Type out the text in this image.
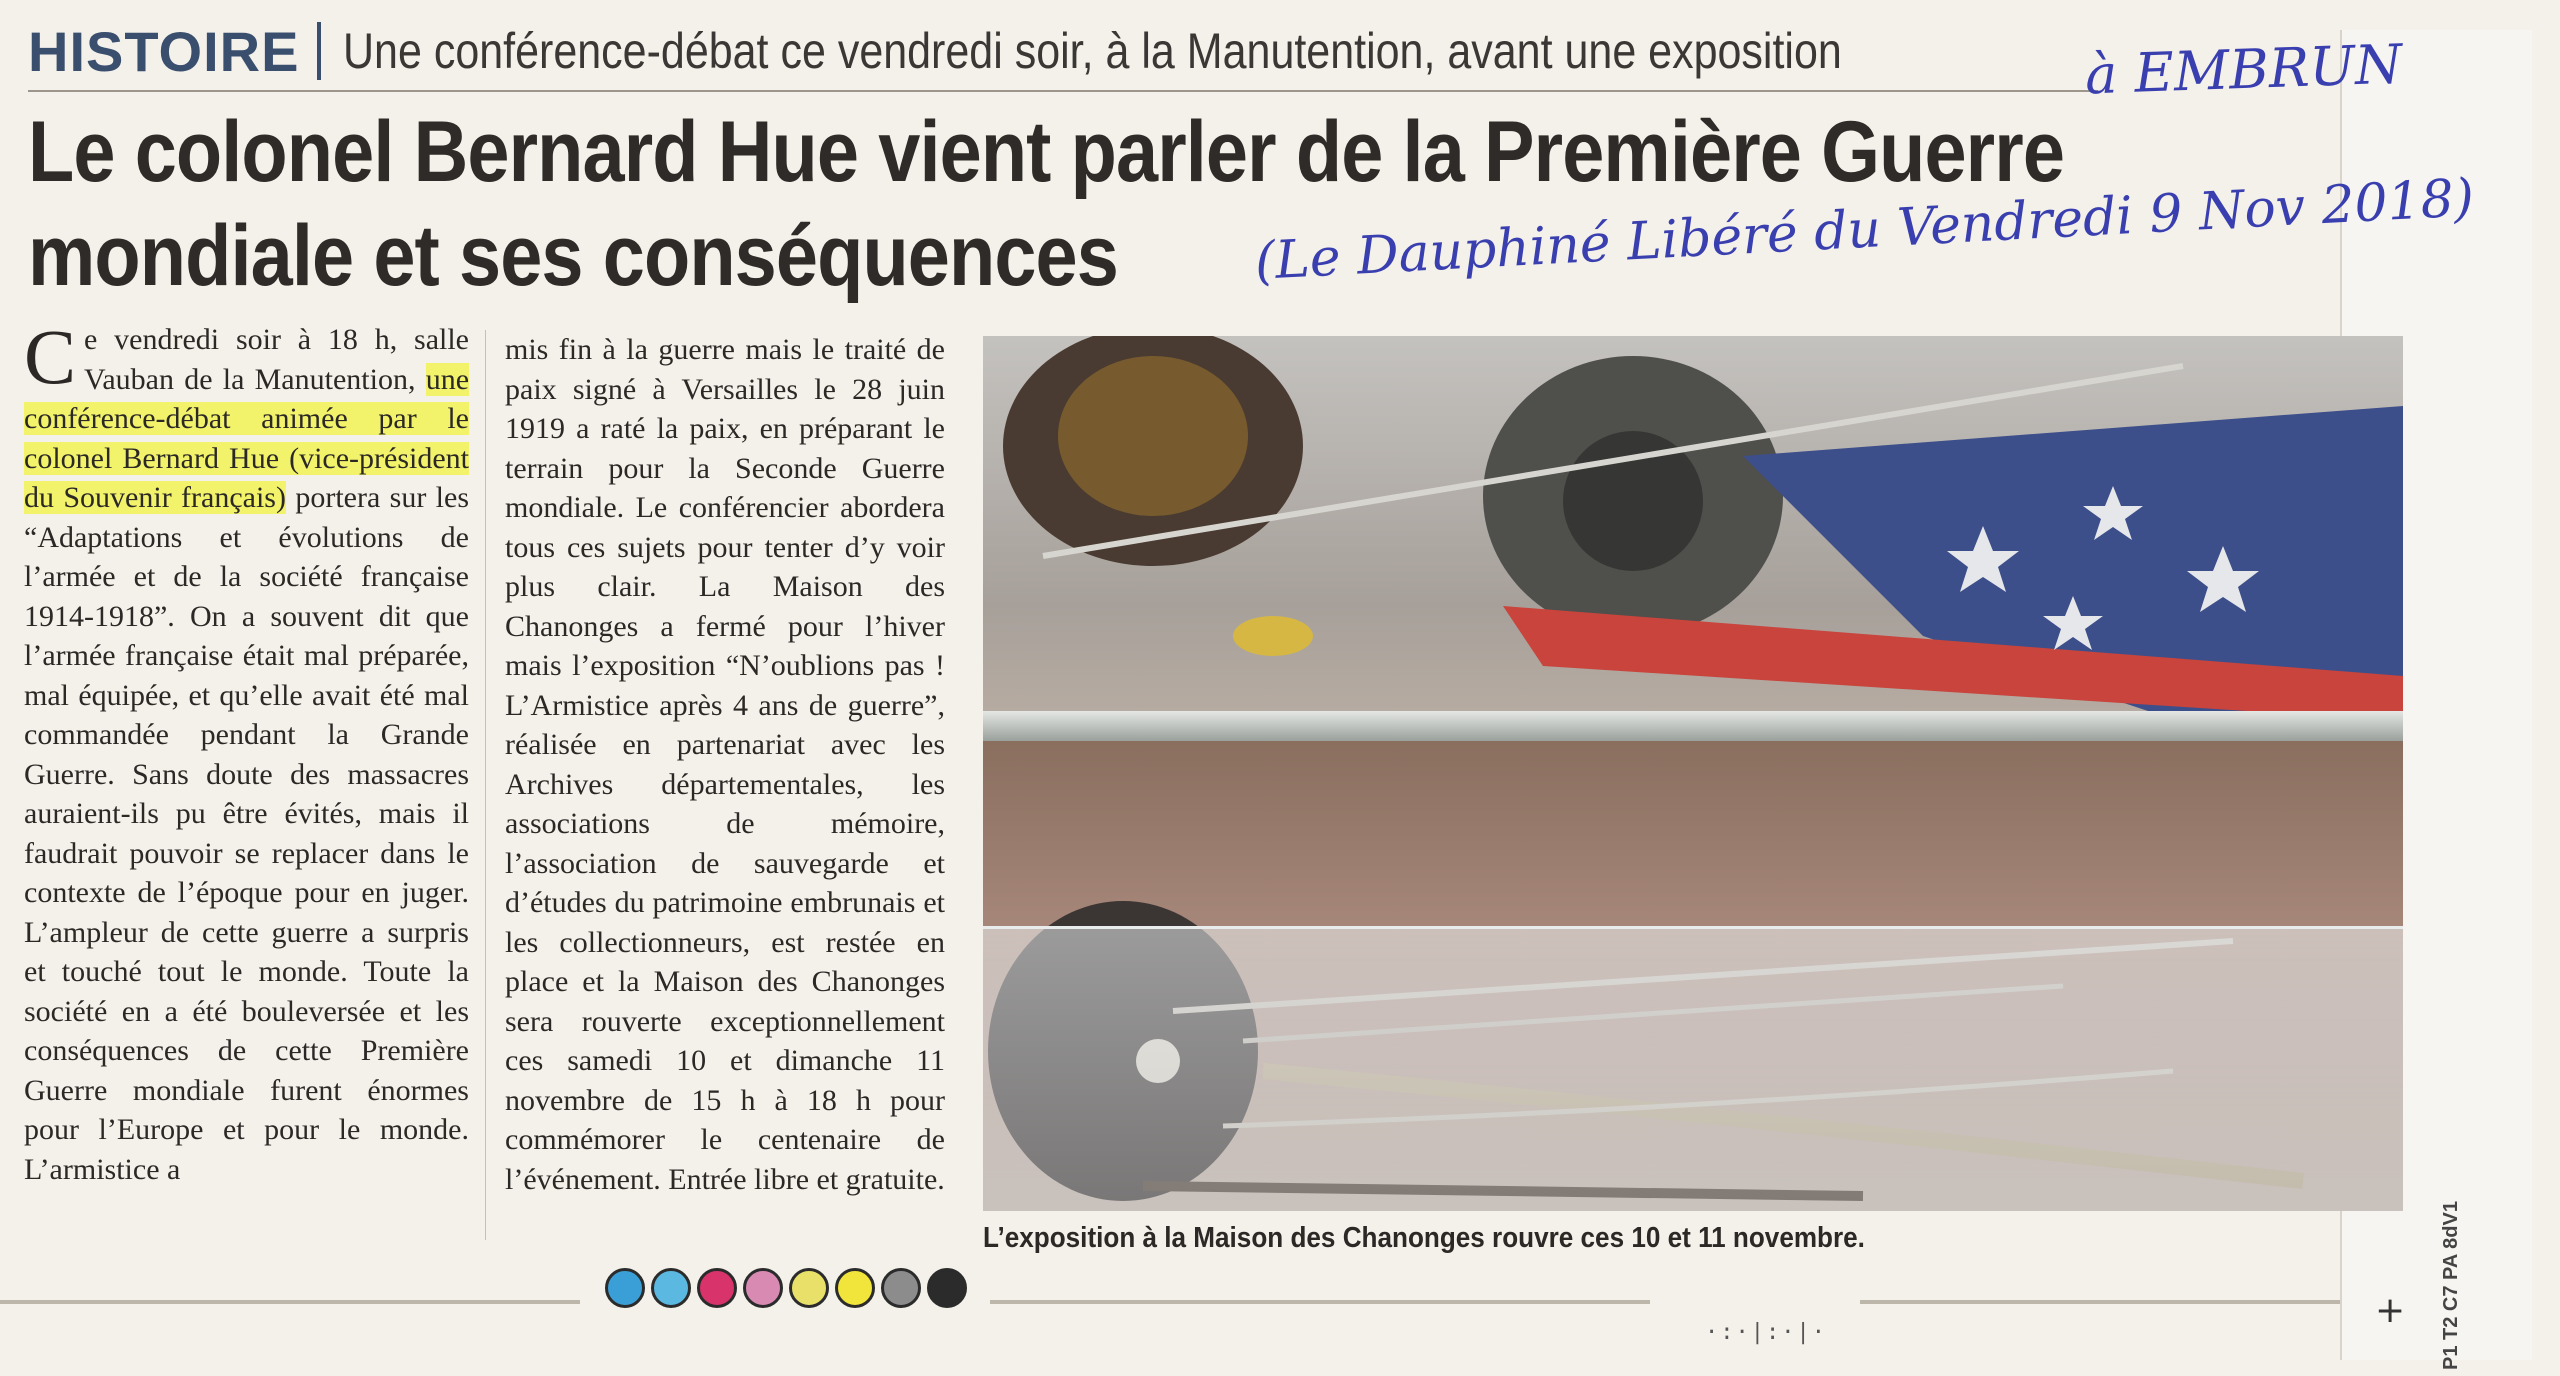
HISTOIRE Une conférence-débat ce vendredi soir, à la Manutention, avant une exposition	à EMBRUN
Le colonel Bernard Hue vient parler de la Première Guerre
mondiale et ses conséquences	(Le Dauphiné Libéré du Vendredi 9 Nov 2018)
Ce vendredi soir à 18 h, salle Vauban de la Manutention, une conférence-débat animée par le colonel Bernard Hue (vice-président du Souvenir français) portera sur les “Adaptations et évolutions de l’armée et de la société française 1914-1918”. On a souvent dit que l’armée française était mal préparée, mal équipée, et qu’elle avait été mal commandée pendant la Grande Guerre. Sans doute des massacres auraient-ils pu être évités, mais il faudrait pouvoir se replacer dans le contexte de l’époque pour en juger. L’ampleur de cette guerre a surpris et touché tout le monde. Toute la société en a été bouleversée et les conséquences de cette Première Guerre mondiale furent énormes pour l’Europe et pour le monde. L’armistice a
mis fin à la guerre mais le traité de paix signé à Versailles le 28 juin 1919 a raté la paix, en préparant le terrain pour la Seconde Guerre mondiale. Le conférencier abordera tous ces sujets pour tenter d’y voir plus clair. La Maison des Chanonges a fermé pour l’hiver mais l’exposition “N’oublions pas ! L’Armistice après 4 ans de guerre”, réalisée en partenariat avec les Archives départementales, les associations de mémoire, l’association de sauvegarde et d’études du patrimoine embrunais et les collectionneurs, est restée en place et la Maison des Chanonges sera rouverte exceptionnellement ces samedi 10 et dimanche 11 novembre de 15 h à 18 h pour commémorer le centenaire de l’événement. Entrée libre et gratuite.
L’exposition à la Maison des Chanonges rouvre ces 10 et 11 novembre.
·:·|:·|·
+ P1 T2 C7 PA 8dV1
